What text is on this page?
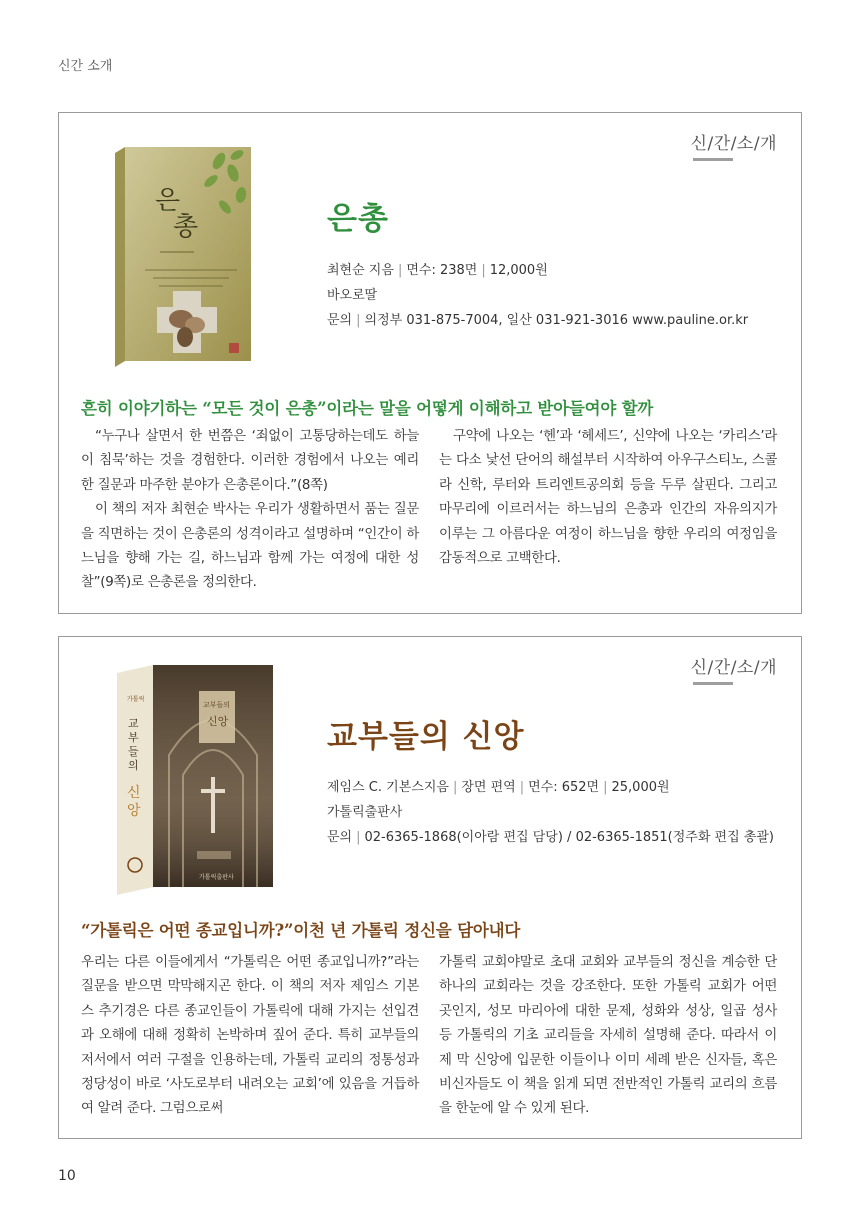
신간 소개
신/간/소/개
은
총	은총
최현순 지음 | 면수: 238면 | 12,000원
바오로딸
문의 | 의정부 031-875-7004, 일산 031-921-3016 www.pauline.or.kr
흔히 이야기하는 “모든 것이 은총”이라는 말을 어떻게 이해하고 받아들여야 할까

“누구나 살면서 한 번쯤은 ‘죄없이 고통당하는데도 하늘이 침묵’하는 것을 경험한다. 이러한 경험에서 나오는 예리한 질문과 마주한 분야가 은총론이다.”(8쪽)

이 책의 저자 최현순 박사는 우리가 생활하면서 품는 질문을 직면하는 것이 은총론의 성격이라고 설명하며 “인간이 하느님을 향해 가는 길, 하느님과 함께 가는 여정에 대한 성찰”(9쪽)로 은총론을 정의한다.

구약에 나오는 ‘헨’과 ‘헤세드’, 신약에 나오는 ‘카리스’라는 다소 낯선 단어의 해설부터 시작하여 아우구스티노, 스콜라 신학, 루터와 트리엔트공의회 등을 두루 살핀다. 그리고 마무리에 이르러서는 하느님의 은총과 인간의 자유의지가 이루는 그 아름다운 여정이 하느님을 향한 우리의 여정임을 감동적으로 고백한다.

신/간/소/개
가톨릭
교
부
들
의
신
앙
교부들의
신앙
가톨릭출판사
교부들의 신앙
제임스 C. 기본스지음 | 장면 편역 | 면수: 652면 | 25,000원
가톨릭출판사
문의 | 02-6365-1868(이아람 편집 담당) / 02-6365-1851(정주화 편집 총괄)
“가톨릭은 어떤 종교입니까?”이천 년 가톨릭 정신을 담아내다

우리는 다른 이들에게서 “가톨릭은 어떤 종교입니까?”라는 질문을 받으면 막막해지곤 한다. 이 책의 저자 제임스 기본스 추기경은 다른 종교인들이 가톨릭에 대해 가지는 선입견과 오해에 대해 정확히 논박하며 짚어 준다. 특히 교부들의 저서에서 여러 구절을 인용하는데, 가톨릭 교리의 정통성과 정당성이 바로 ‘사도로부터 내려오는 교회’에 있음을 거듭하여 알려 준다. 그럼으로써

가톨릭 교회야말로 초대 교회와 교부들의 정신을 계승한 단 하나의 교회라는 것을 강조한다. 또한 가톨릭 교회가 어떤 곳인지, 성모 마리아에 대한 문제, 성화와 성상, 일곱 성사 등 가톨릭의 기초 교리들을 자세히 설명해 준다. 따라서 이제 막 신앙에 입문한 이들이나 이미 세례 받은 신자들, 혹은 비신자들도 이 책을 읽게 되면 전반적인 가톨릭 교리의 흐름을 한눈에 알 수 있게 된다.

10
